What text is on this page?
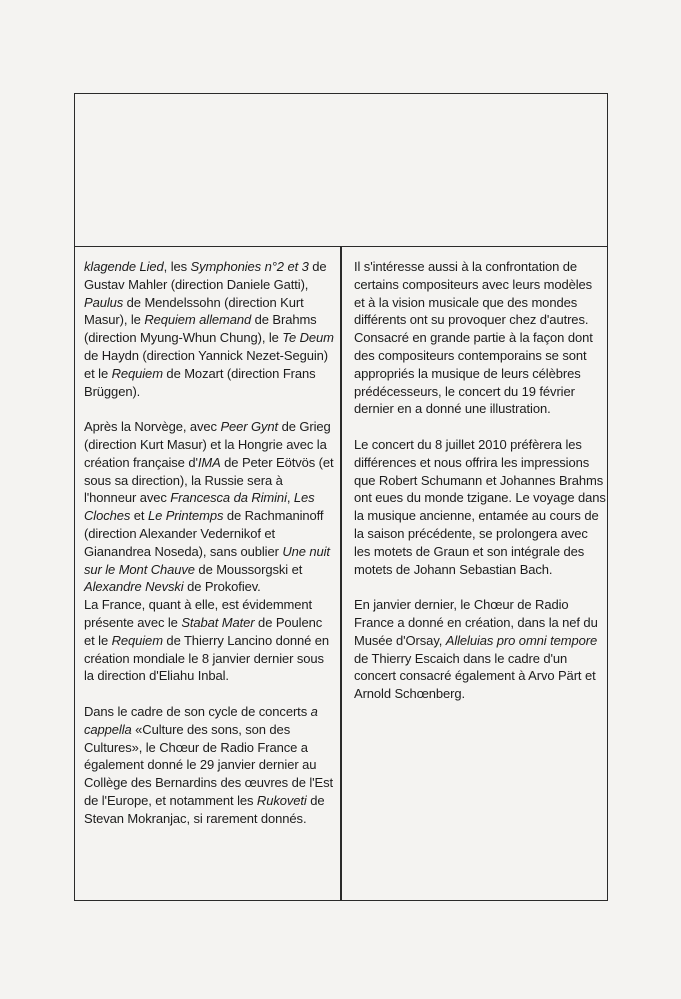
klagende Lied, les Symphonies n°2 et 3 de Gustav Mahler (direction Daniele Gatti), Paulus de Mendelssohn (direction Kurt Masur), le Requiem allemand de Brahms (direction Myung-Whun Chung), le Te Deum de Haydn (direction Yannick Nezet-Seguin) et le Requiem de Mozart (direction Frans Brüggen).

Après la Norvège, avec Peer Gynt de Grieg (direction Kurt Masur) et la Hongrie avec la création française d'IMA de Peter Eötvös (et sous sa direction), la Russie sera à l'honneur avec Francesca da Rimini, Les Cloches et Le Printemps de Rachmaninoff (direction Alexander Vedernikof et Gianandrea Noseda), sans oublier Une nuit sur le Mont Chauve de Moussorgski et Alexandre Nevski de Prokofiev.

La France, quant à elle, est évidemment présente avec le Stabat Mater de Poulenc et le Requiem de Thierry Lancino donné en création mondiale le 8 janvier dernier sous la direction d'Eliahu Inbal.

Dans le cadre de son cycle de concerts a cappella «Culture des sons, son des Cultures», le Chœur de Radio France a également donné le 29 janvier dernier au Collège des Bernardins des œuvres de l'Est de l'Europe, et notamment les Rukoveti de Stevan Mokranjac, si rarement donnés.

Il s'intéresse aussi à la confrontation de certains compositeurs avec leurs modèles et à la vision musicale que des mondes différents ont su provoquer chez d'autres. Consacré en grande partie à la façon dont des compositeurs contemporains se sont appropriés la musique de leurs célèbres prédécesseurs, le concert du 19 février dernier en a donné une illustration.

Le concert du 8 juillet 2010 préfèrera les différences et nous offrira les impressions que Robert Schumann et Johannes Brahms ont eues du monde tzigane. Le voyage dans la musique ancienne, entamée au cours de la saison précédente, se prolongera avec les motets de Graun et son intégrale des motets de Johann Sebastian Bach.

En janvier dernier, le Chœur de Radio France a donné en création, dans la nef du Musée d'Orsay, Alleluias pro omni tempore de Thierry Escaich dans le cadre d'un concert consacré également à Arvo Pärt et Arnold Schœnberg.
